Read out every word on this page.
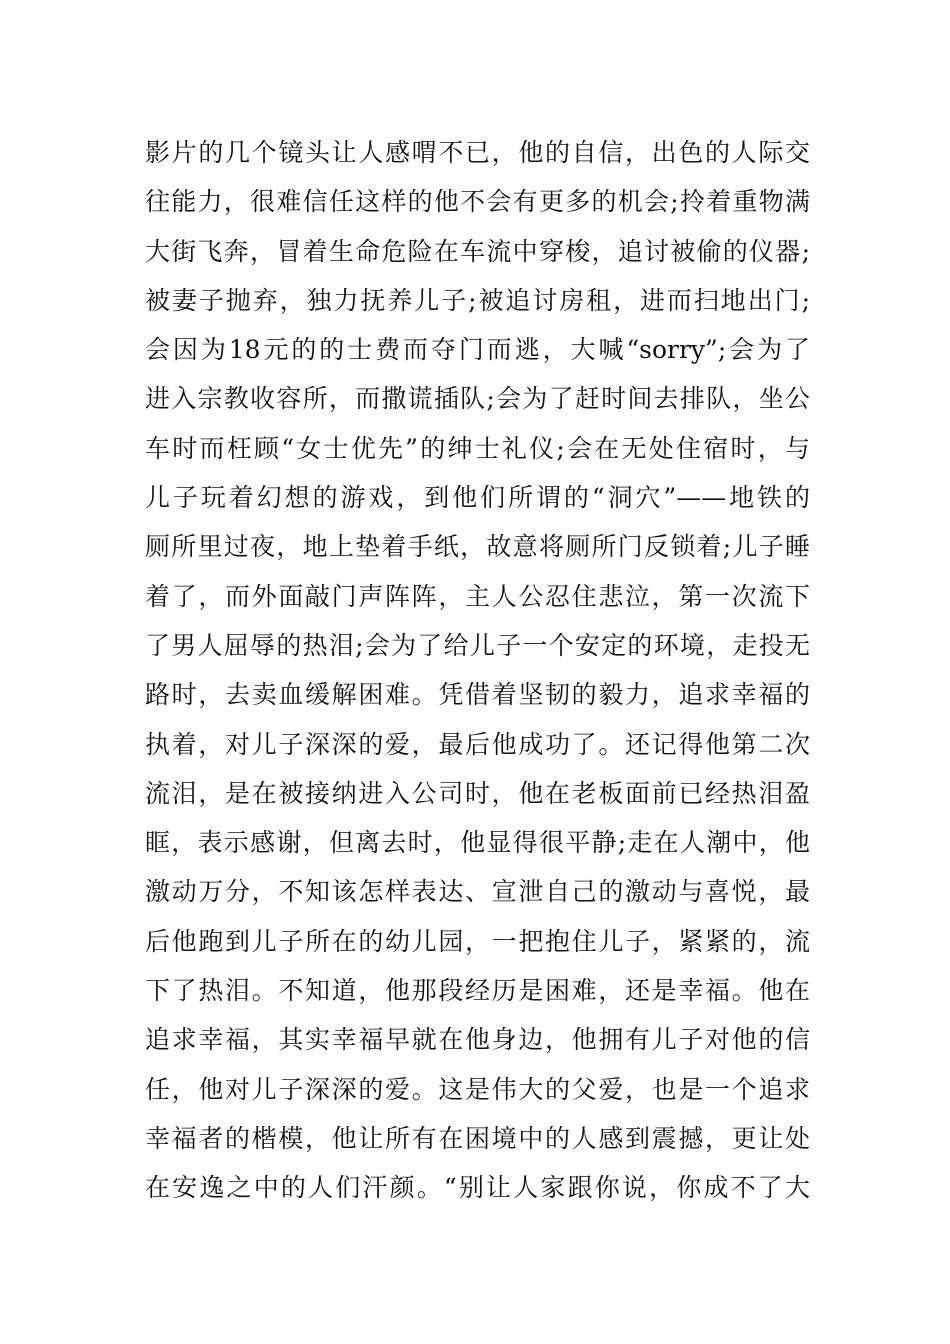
影片的几个镜头让人感喟不已，他的自信，出色的人际交
往能力，很难信任这样的他不会有更多的机会;拎着重物满
大街飞奔，冒着生命危险在车流中穿梭，追讨被偷的仪器;
被妻子抛弃，独力抚养儿子;被追讨房租，进而扫地出门;
会因为18元的的士费而夺门而逃，大喊“sorry”;会为了
进入宗教收容所，而撒谎插队;会为了赶时间去排队，坐公
车时而枉顾“女士优先”的绅士礼仪;会在无处住宿时，与
儿子玩着幻想的游戏，到他们所谓的“洞穴”——地铁的
厕所里过夜，地上垫着手纸，故意将厕所门反锁着;儿子睡
着了，而外面敲门声阵阵，主人公忍住悲泣，第一次流下
了男人屈辱的热泪;会为了给儿子一个安定的环境，走投无
路时，去卖血缓解困难。凭借着坚韧的毅力，追求幸福的
执着，对儿子深深的爱，最后他成功了。还记得他第二次
流泪，是在被接纳进入公司时，他在老板面前已经热泪盈
眶，表示感谢，但离去时，他显得很平静;走在人潮中，他
激动万分，不知该怎样表达、宣泄自己的激动与喜悦，最
后他跑到儿子所在的幼儿园，一把抱住儿子，紧紧的，流
下了热泪。不知道，他那段经历是困难，还是幸福。他在
追求幸福，其实幸福早就在他身边，他拥有儿子对他的信
任，他对儿子深深的爱。这是伟大的父爱，也是一个追求
幸福者的楷模，他让所有在困境中的人感到震撼，更让处
在安逸之中的人们汗颜。“别让人家跟你说，你成不了大
